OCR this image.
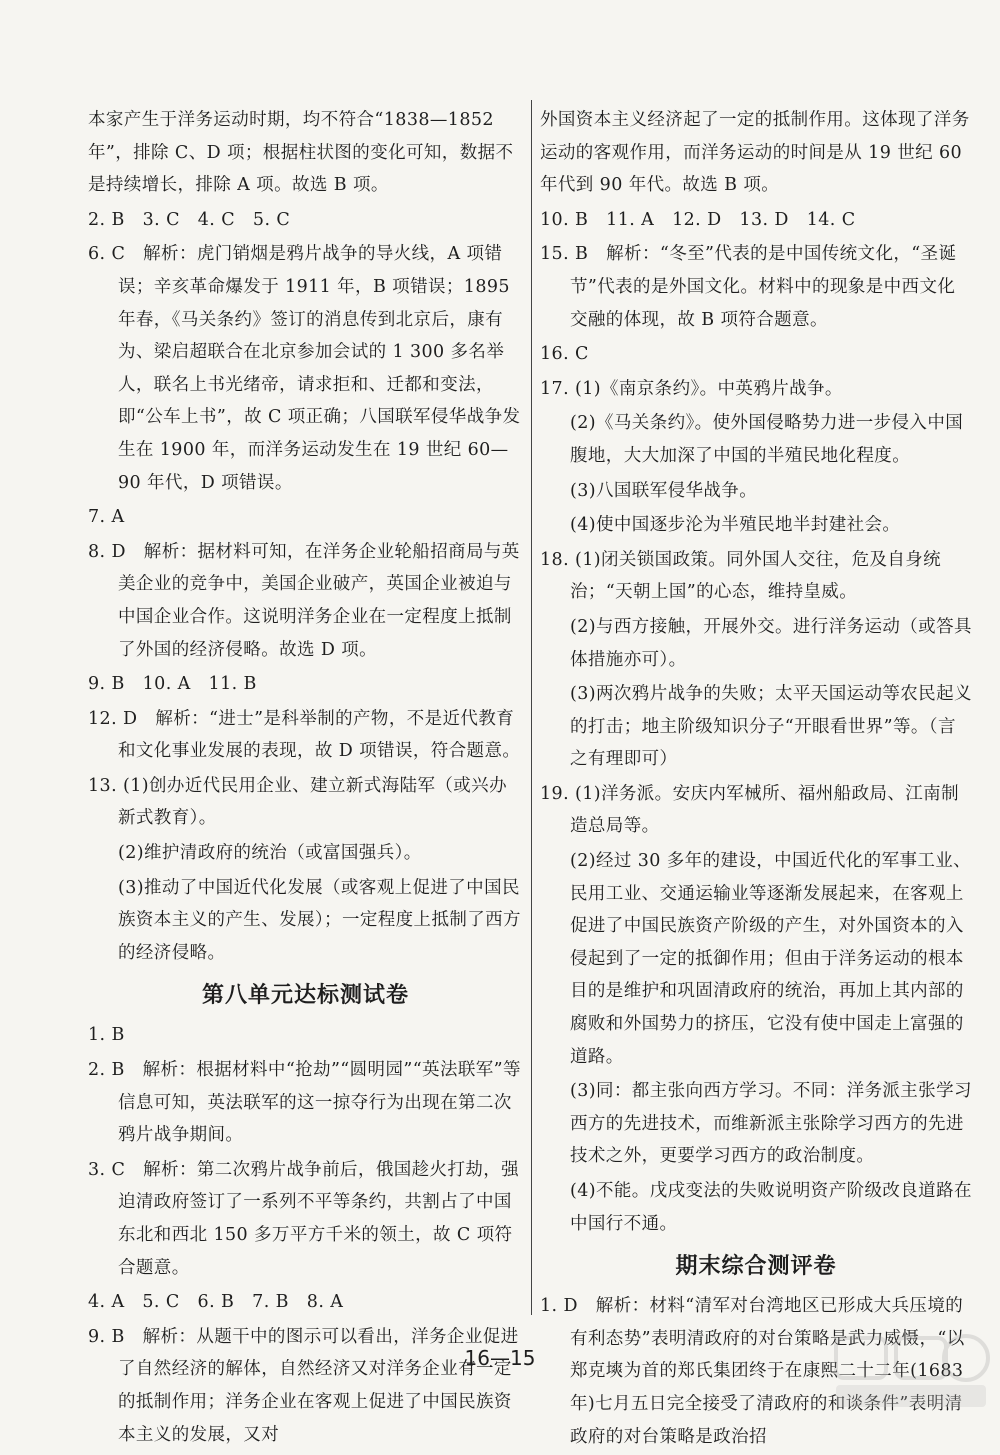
本家产生于洋务运动时期，均不符合“1838—1852 年”，排除 C、D 项；根据柱状图的变化可知，数据不是持续增长，排除 A 项。故选 B 项。
2. B　3. C　4. C　5. C
6. C　解析：虎门销烟是鸦片战争的导火线，A 项错误；辛亥革命爆发于 1911 年，B 项错误；1895 年春，《马关条约》签订的消息传到北京后，康有为、梁启超联合在北京参加会试的 1 300 多名举人，联名上书光绪帝，请求拒和、迁都和变法，即“公车上书”，故 C 项正确；八国联军侵华战争发生在 1900 年，而洋务运动发生在 19 世纪 60—90 年代，D 项错误。
7. A
8. D　解析：据材料可知，在洋务企业轮船招商局与英美企业的竞争中，美国企业破产，英国企业被迫与中国企业合作。这说明洋务企业在一定程度上抵制了外国的经济侵略。故选 D 项。
9. B　10. A　11. B
12. D　解析：“进士”是科举制的产物，不是近代教育和文化事业发展的表现，故 D 项错误，符合题意。
13. (1)创办近代民用企业、建立新式海陆军（或兴办新式教育）。
(2)维护清政府的统治（或富国强兵）。
(3)推动了中国近代化发展（或客观上促进了中国民族资本主义的产生、发展）；一定程度上抵制了西方的经济侵略。
第八单元达标测试卷
1. B
2. B　解析：根据材料中“抢劫”“圆明园”“英法联军”等信息可知，英法联军的这一掠夺行为出现在第二次鸦片战争期间。
3. C　解析：第二次鸦片战争前后，俄国趁火打劫，强迫清政府签订了一系列不平等条约，共割占了中国东北和西北 150 多万平方千米的领土，故 C 项符合题意。
4. A　5. C　6. B　7. B　8. A
9. B　解析：从题干中的图示可以看出，洋务企业促进了自然经济的解体，自然经济又对洋务企业有一定的抵制作用；洋务企业在客观上促进了中国民族资本主义的发展，又对
外国资本主义经济起了一定的抵制作用。这体现了洋务运动的客观作用，而洋务运动的时间是从 19 世纪 60 年代到 90 年代。故选 B 项。
10. B　11. A　12. D　13. D　14. C
15. B　解析：“冬至”代表的是中国传统文化，“圣诞节”代表的是外国文化。材料中的现象是中西文化交融的体现，故 B 项符合题意。
16. C
17. (1)《南京条约》。中英鸦片战争。
(2)《马关条约》。使外国侵略势力进一步侵入中国腹地，大大加深了中国的半殖民地化程度。
(3)八国联军侵华战争。
(4)使中国逐步沦为半殖民地半封建社会。
18. (1)闭关锁国政策。同外国人交往，危及自身统治；“天朝上国”的心态，维持皇威。
(2)与西方接触，开展外交。进行洋务运动（或答具体措施亦可）。
(3)两次鸦片战争的失败；太平天国运动等农民起义的打击；地主阶级知识分子“开眼看世界”等。（言之有理即可）
19. (1)洋务派。安庆内军械所、福州船政局、江南制造总局等。
(2)经过 30 多年的建设，中国近代化的军事工业、民用工业、交通运输业等逐渐发展起来，在客观上促进了中国民族资产阶级的产生，对外国资本的入侵起到了一定的抵御作用；但由于洋务运动的根本目的是维护和巩固清政府的统治，再加上其内部的腐败和外国势力的挤压，它没有使中国走上富强的道路。
(3)同：都主张向西方学习。不同：洋务派主张学习西方的先进技术，而维新派主张除学习西方的先进技术之外，更要学习西方的政治制度。
(4)不能。戊戌变法的失败说明资产阶级改良道路在中国行不通。
期末综合测评卷
1. D　解析：材料“清军对台湾地区已形成大兵压境的有利态势”表明清政府的对台策略是武力威慑，“以郑克塽为首的郑氏集团终于在康熙二十二年(1683 年)七月五日完全接受了清政府的和谈条件”表明清政府的对台策略是政治招
16—15
